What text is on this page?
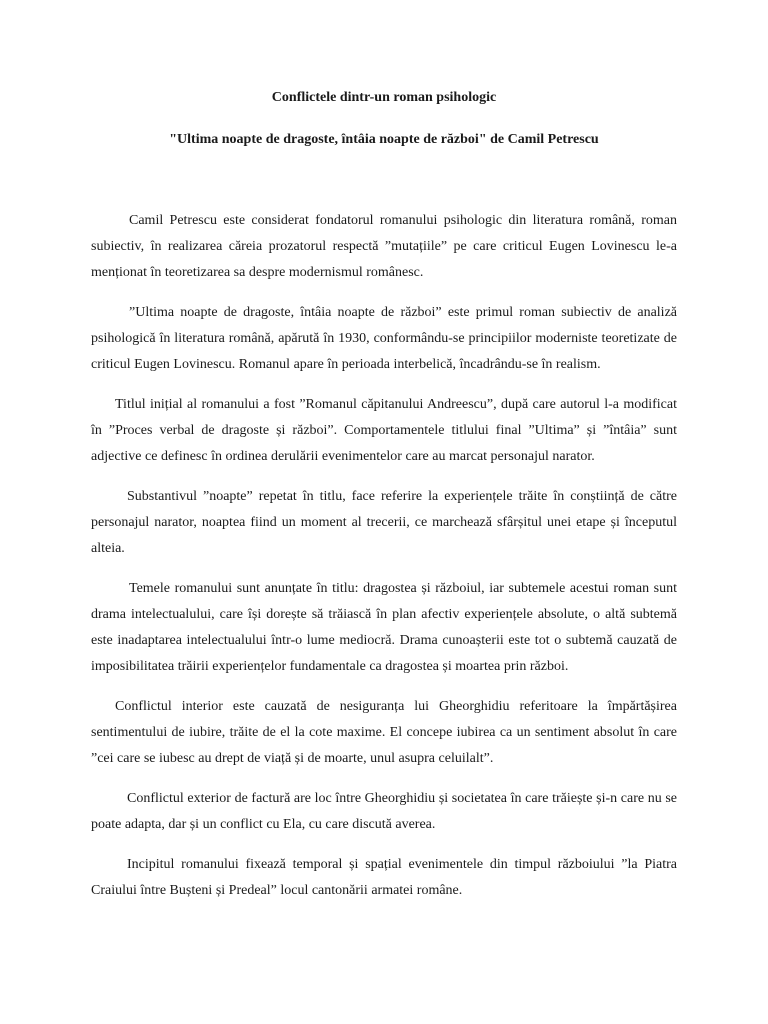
Conflictele dintr-un roman psihologic
"Ultima noapte de dragoste, întâia noapte de război" de Camil Petrescu

Camil Petrescu este considerat fondatorul romanului psihologic din literatura română, roman subiectiv, în realizarea căreia prozatorul respectă ”mutațiile” pe care criticul Eugen Lovinescu le-a menționat în teoretizarea sa despre modernismul românesc.

”Ultima noapte de dragoste, întâia noapte de război” este primul roman subiectiv de analiză psihologică în literatura română, apărută în 1930, conformându-se principiilor moderniste teoretizate de criticul Eugen Lovinescu. Romanul apare în perioada interbelică, încadrându-se în realism.

Titlul inițial al romanului a fost ”Romanul căpitanului Andreescu”, după care autorul l-a modificat în ”Proces verbal de dragoste și război”. Comportamentele titlului final ”Ultima” și ”întâia” sunt adjective ce definesc în ordinea derulării evenimentelor care au marcat personajul narator.

Substantivul ”noapte” repetat în titlu, face referire la experiențele trăite în conștiință de către personajul narator, noaptea fiind un moment al trecerii, ce marchează sfârșitul unei etape și începutul alteia.

Temele romanului sunt anunțate în titlu: dragostea și războiul, iar subtemele acestui roman sunt drama intelectualului, care își dorește să trăiască în plan afectiv experiențele absolute, o altă subtemă este inadaptarea intelectualului într-o lume mediocră. Drama cunoașterii este tot o subtemă cauzată de imposibilitatea trăirii experiențelor fundamentale ca dragostea și moartea prin război.

Conflictul interior este cauzată de nesiguranța lui Gheorghidiu referitoare la împărtășirea sentimentului de iubire, trăite de el la cote maxime. El concepe iubirea ca un sentiment absolut în care ”cei care se iubesc au drept de viață și de moarte, unul asupra celuilalt”.

Conflictul exterior de factură are loc între Gheorghidiu și societatea în care trăiește și-n care nu se poate adapta, dar și un conflict cu Ela, cu care discută averea.

Incipitul romanului fixează temporal și spațial evenimentele din timpul războiului ”la Piatra Craiului între Bușteni și Predeal” locul cantonării armatei române.
